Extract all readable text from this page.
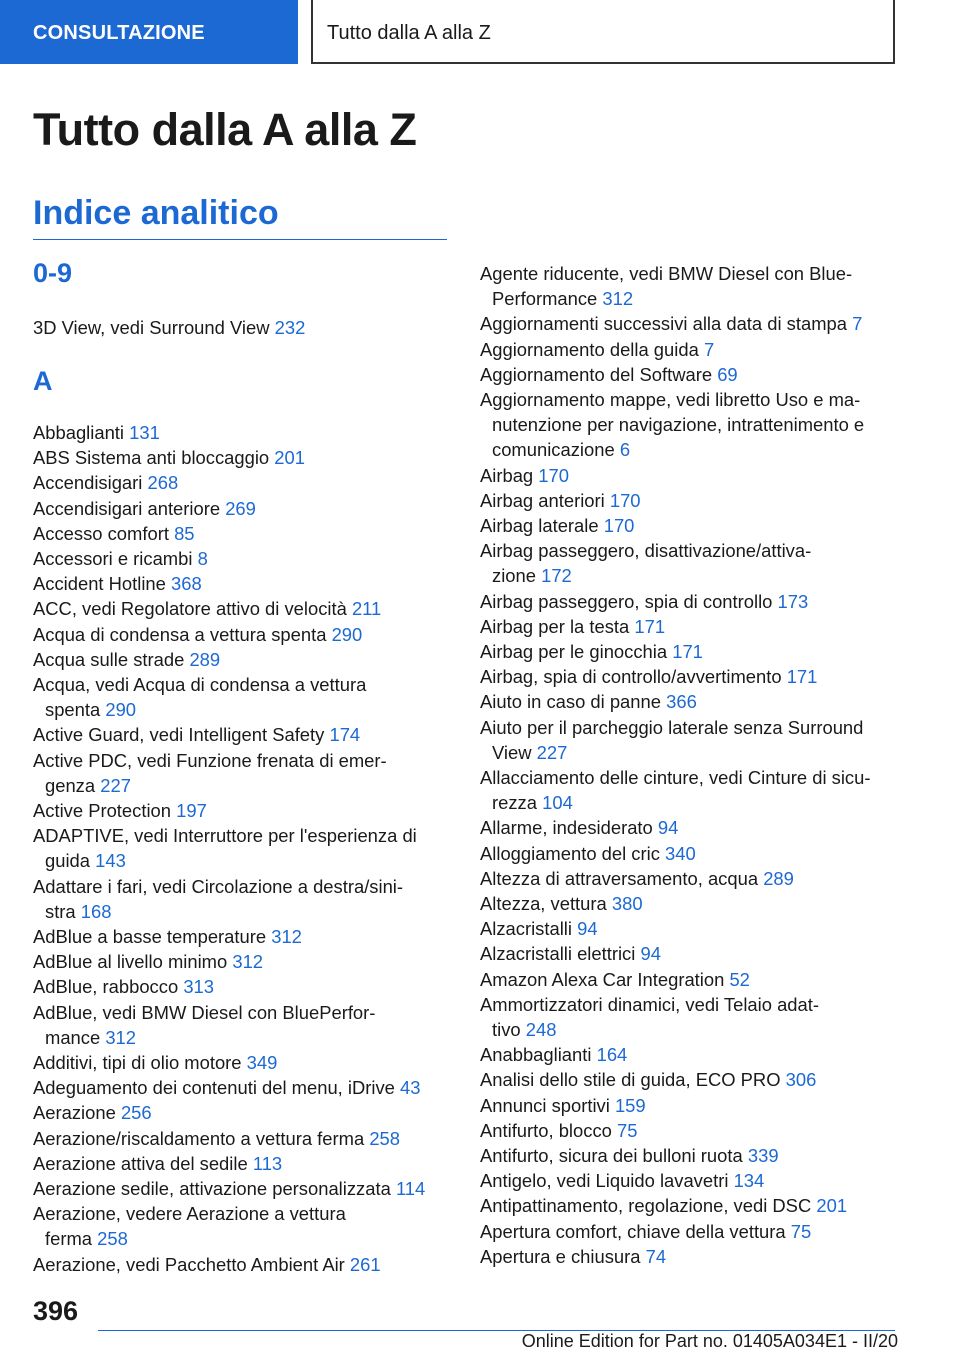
CONSULTAZIONE	Tutto dalla A alla Z
Tutto dalla A alla Z
Indice analitico
0-9
3D View, vedi Surround View 232
A
Abbaglianti 131
ABS Sistema anti bloccaggio 201
Accendisigari 268
Accendisigari anteriore 269
Accesso comfort 85
Accessori e ricambi 8
Accident Hotline 368
ACC, vedi Regolatore attivo di velocità 211
Acqua di condensa a vettura spenta 290
Acqua sulle strade 289
Acqua, vedi Acqua di condensa a vettura
spenta 290
Active Guard, vedi Intelligent Safety 174
Active PDC, vedi Funzione frenata di emer-
genza 227
Active Protection 197
ADAPTIVE, vedi Interruttore per l'esperienza di
guida 143
Adattare i fari, vedi Circolazione a destra/sini-
stra 168
AdBlue a basse temperature 312
AdBlue al livello minimo 312
AdBlue, rabbocco 313
AdBlue, vedi BMW Diesel con BluePerfor-
mance 312
Additivi, tipi di olio motore 349
Adeguamento dei contenuti del menu, iDrive 43
Aerazione 256
Aerazione/riscaldamento a vettura ferma 258
Aerazione attiva del sedile 113
Aerazione sedile, attivazione personalizzata 114
Aerazione, vedere Aerazione a vettura
ferma 258
Aerazione, vedi Pacchetto Ambient Air 261
Agente riducente, vedi BMW Diesel con Blue-
Performance 312
Aggiornamenti successivi alla data di stampa 7
Aggiornamento della guida 7
Aggiornamento del Software 69
Aggiornamento mappe, vedi libretto Uso e ma-
nutenzione per navigazione, intrattenimento e
comunicazione 6
Airbag 170
Airbag anteriori 170
Airbag laterale 170
Airbag passeggero, disattivazione/attiva-
zione 172
Airbag passeggero, spia di controllo 173
Airbag per la testa 171
Airbag per le ginocchia 171
Airbag, spia di controllo/avvertimento 171
Aiuto in caso di panne 366
Aiuto per il parcheggio laterale senza Surround
View 227
Allacciamento delle cinture, vedi Cinture di sicu-
rezza 104
Allarme, indesiderato 94
Alloggiamento del cric 340
Altezza di attraversamento, acqua 289
Altezza, vettura 380
Alzacristalli 94
Alzacristalli elettrici 94
Amazon Alexa Car Integration 52
Ammortizzatori dinamici, vedi Telaio adat-
tivo 248
Anabbaglianti 164
Analisi dello stile di guida, ECO PRO 306
Annunci sportivi 159
Antifurto, blocco 75
Antifurto, sicura dei bulloni ruota 339
Antigelo, vedi Liquido lavavetri 134
Antipattinamento, regolazione, vedi DSC 201
Apertura comfort, chiave della vettura 75
Apertura e chiusura 74
396
Online Edition for Part no. 01405A034E1 - II/20
